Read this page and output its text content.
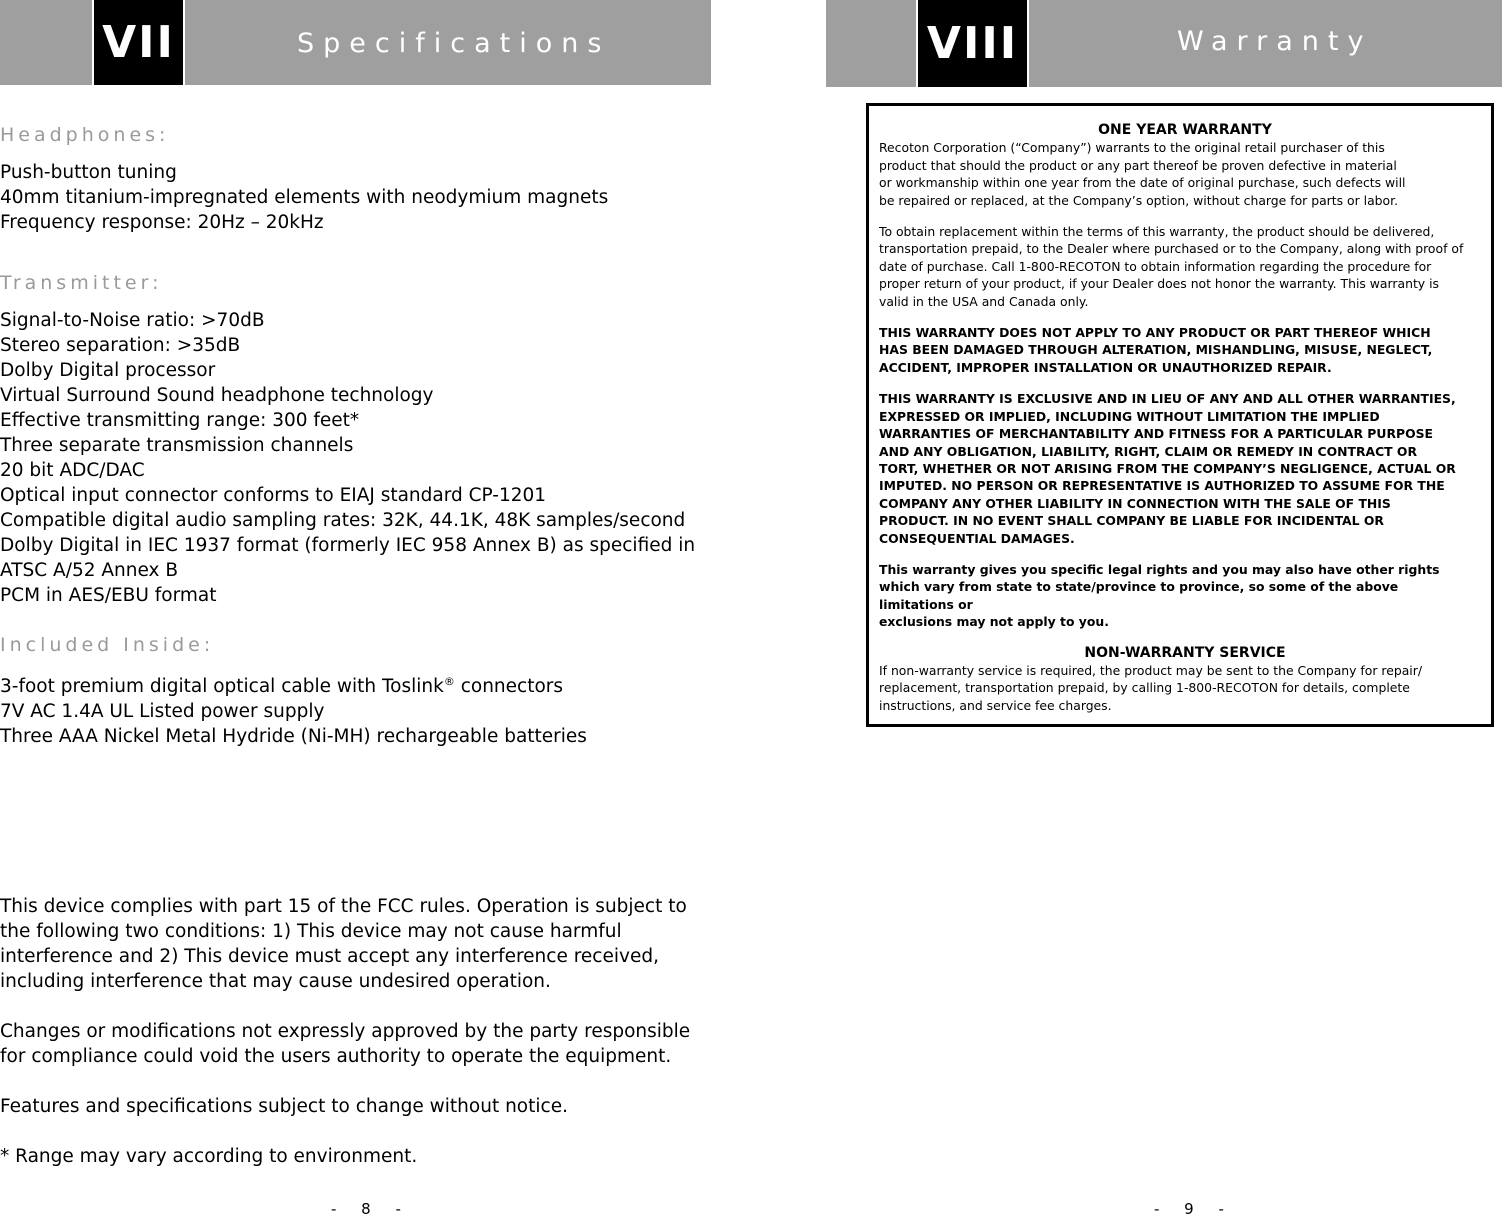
VII	Specifications	VIII	Warranty
Headphones:
Push-button tuning
40mm titanium-impregnated elements with neodymium magnets
Frequency response: 20Hz – 20kHz
Transmitter:
Signal-to-Noise ratio: >70dB
Stereo separation: >35dB
Dolby Digital processor
Virtual Surround Sound headphone technology
Effective transmitting range: 300 feet*
Three separate transmission channels
20 bit ADC/DAC
Optical input connector conforms to EIAJ standard CP-1201
Compatible digital audio sampling rates: 32K, 44.1K, 48K samples/second
Dolby Digital in IEC 1937 format (formerly IEC 958 Annex B) as specified in
ATSC A/52 Annex B
PCM in AES/EBU format
Included Inside:
3-foot premium digital optical cable with Toslink® connectors
7V AC 1.4A UL Listed power supply
Three AAA Nickel Metal Hydride (Ni-MH) rechargeable batteries
This device complies with part 15 of the FCC rules. Operation is subject to
the following two conditions: 1) This device may not cause harmful
interference and 2) This device must accept any interference received,
including interference that may cause undesired operation.
Changes or modifications not expressly approved by the party responsible
for compliance could void the users authority to operate the equipment.
Features and specifications subject to change without notice.
* Range may vary according to environment.
- 8 -
ONE YEAR WARRANTY

Recoton Corporation (“Company”) warrants to the original retail purchaser of this
product that should the product or any part thereof be proven defective in material
or workmanship within one year from the date of original purchase, such defects will
be repaired or replaced, at the Company’s option, without charge for parts or labor.

To obtain replacement within the terms of this warranty, the product should be delivered,
transportation prepaid, to the Dealer where purchased or to the Company, along with proof of
date of purchase. Call 1-800-RECOTON to obtain information regarding the procedure for
proper return of your product, if your Dealer does not honor the warranty. This warranty is
valid in the USA and Canada only.

THIS WARRANTY DOES NOT APPLY TO ANY PRODUCT OR PART THEREOF WHICH
HAS BEEN DAMAGED THROUGH ALTERATION, MISHANDLING, MISUSE, NEGLECT,
ACCIDENT, IMPROPER INSTALLATION OR UNAUTHORIZED REPAIR.

THIS WARRANTY IS EXCLUSIVE AND IN LIEU OF ANY AND ALL OTHER WARRANTIES,
EXPRESSED OR IMPLIED, INCLUDING WITHOUT LIMITATION THE IMPLIED
WARRANTIES OF MERCHANTABILITY AND FITNESS FOR A PARTICULAR PURPOSE
AND ANY OBLIGATION, LIABILITY, RIGHT, CLAIM OR REMEDY IN CONTRACT OR
TORT, WHETHER OR NOT ARISING FROM THE COMPANY’S NEGLIGENCE, ACTUAL OR
IMPUTED. NO PERSON OR REPRESENTATIVE IS AUTHORIZED TO ASSUME FOR THE
COMPANY ANY OTHER LIABILITY IN CONNECTION WITH THE SALE OF THIS
PRODUCT. IN NO EVENT SHALL COMPANY BE LIABLE FOR INCIDENTAL OR
CONSEQUENTIAL DAMAGES.

This warranty gives you specific legal rights and you may also have other rights
which vary from state to state/province to province, so some of the above
limitations or
exclusions may not apply to you.

NON-WARRANTY SERVICE

If non-warranty service is required, the product may be sent to the Company for repair/
replacement, transportation prepaid, by calling 1-800-RECOTON for details, complete
instructions, and service fee charges.

- 9 -
